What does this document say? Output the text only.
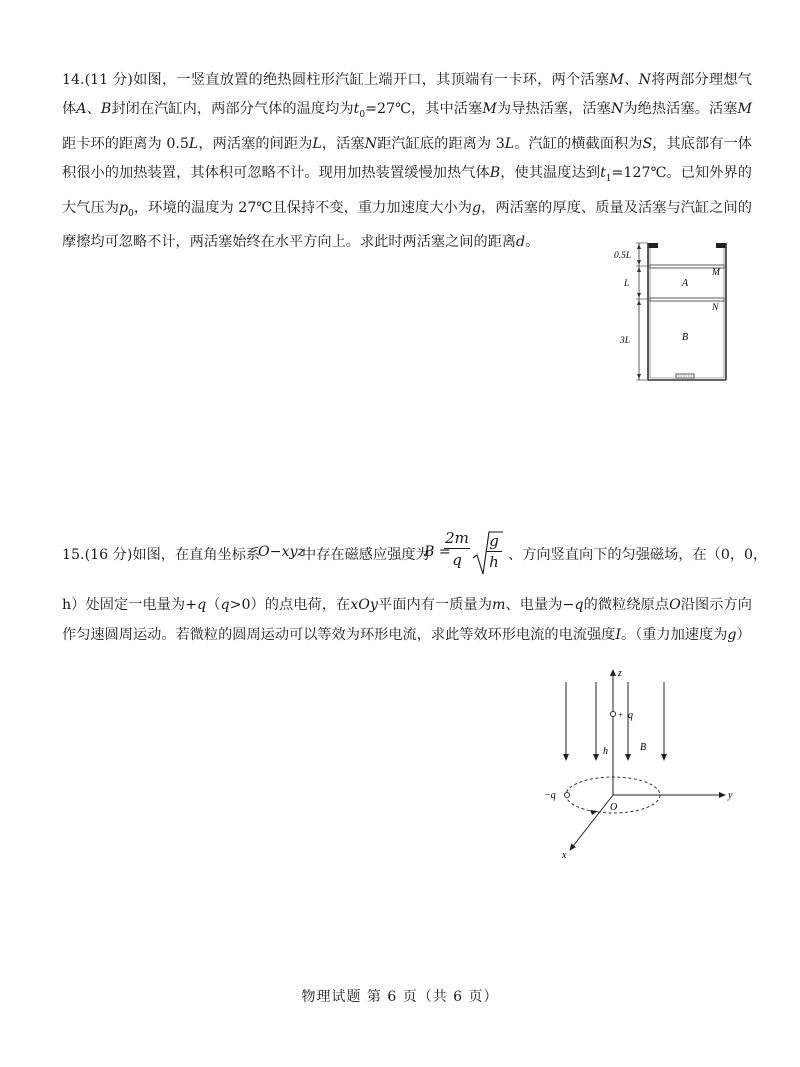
14.(11 分)如图，一竖直放置的绝热圆柱形汽缸上端开口，其顶端有一卡环，两个活塞M、N将两部分理想气体A、B封闭在汽缸内，两部分气体的温度均为$t_0=27℃$，其中活塞M为导热活塞，活塞N为绝热活塞。活塞M距卡环的距离为 0.5L，两活塞的间距为L，活塞N距汽缸底的距离为 3L。汽缸的横截面积为S，其底部有一体积很小的加热装置，其体积可忽略不计。现用加热装置缓慢加热气体B，使其温度达到$t_1=127℃$。已知外界的大气压为$p_0$，环境的温度为 27℃且保持不变，重力加速度大小为g，两活塞的厚度、质量及活塞与汽缸之间的摩擦均可忽略不计，两活塞始终在水平方向上。求此时两活塞之间的距离d。

0.5L
L
3L
A
B
M
N
15.(16 分)如图，在直角坐标系
O−xyz
中存在磁感应强度为
B =
$\frac{2m}{q} \frac{g}{h}$ 、方向竖直向下的匀强磁场，在（0，0，

h）处固定一电量为+q（q>0）的点电荷，在xOy平面内有一质量为m、电量为−q的微粒绕原点O沿图示方向作匀速圆周运动。若微粒的圆周运动可以等效为环形电流，求此等效环形电流的电流强度I。（重力加速度为g）

z
+ q
h	B
−q	y
x
O
物理试题 第 6 页（共 6 页）
